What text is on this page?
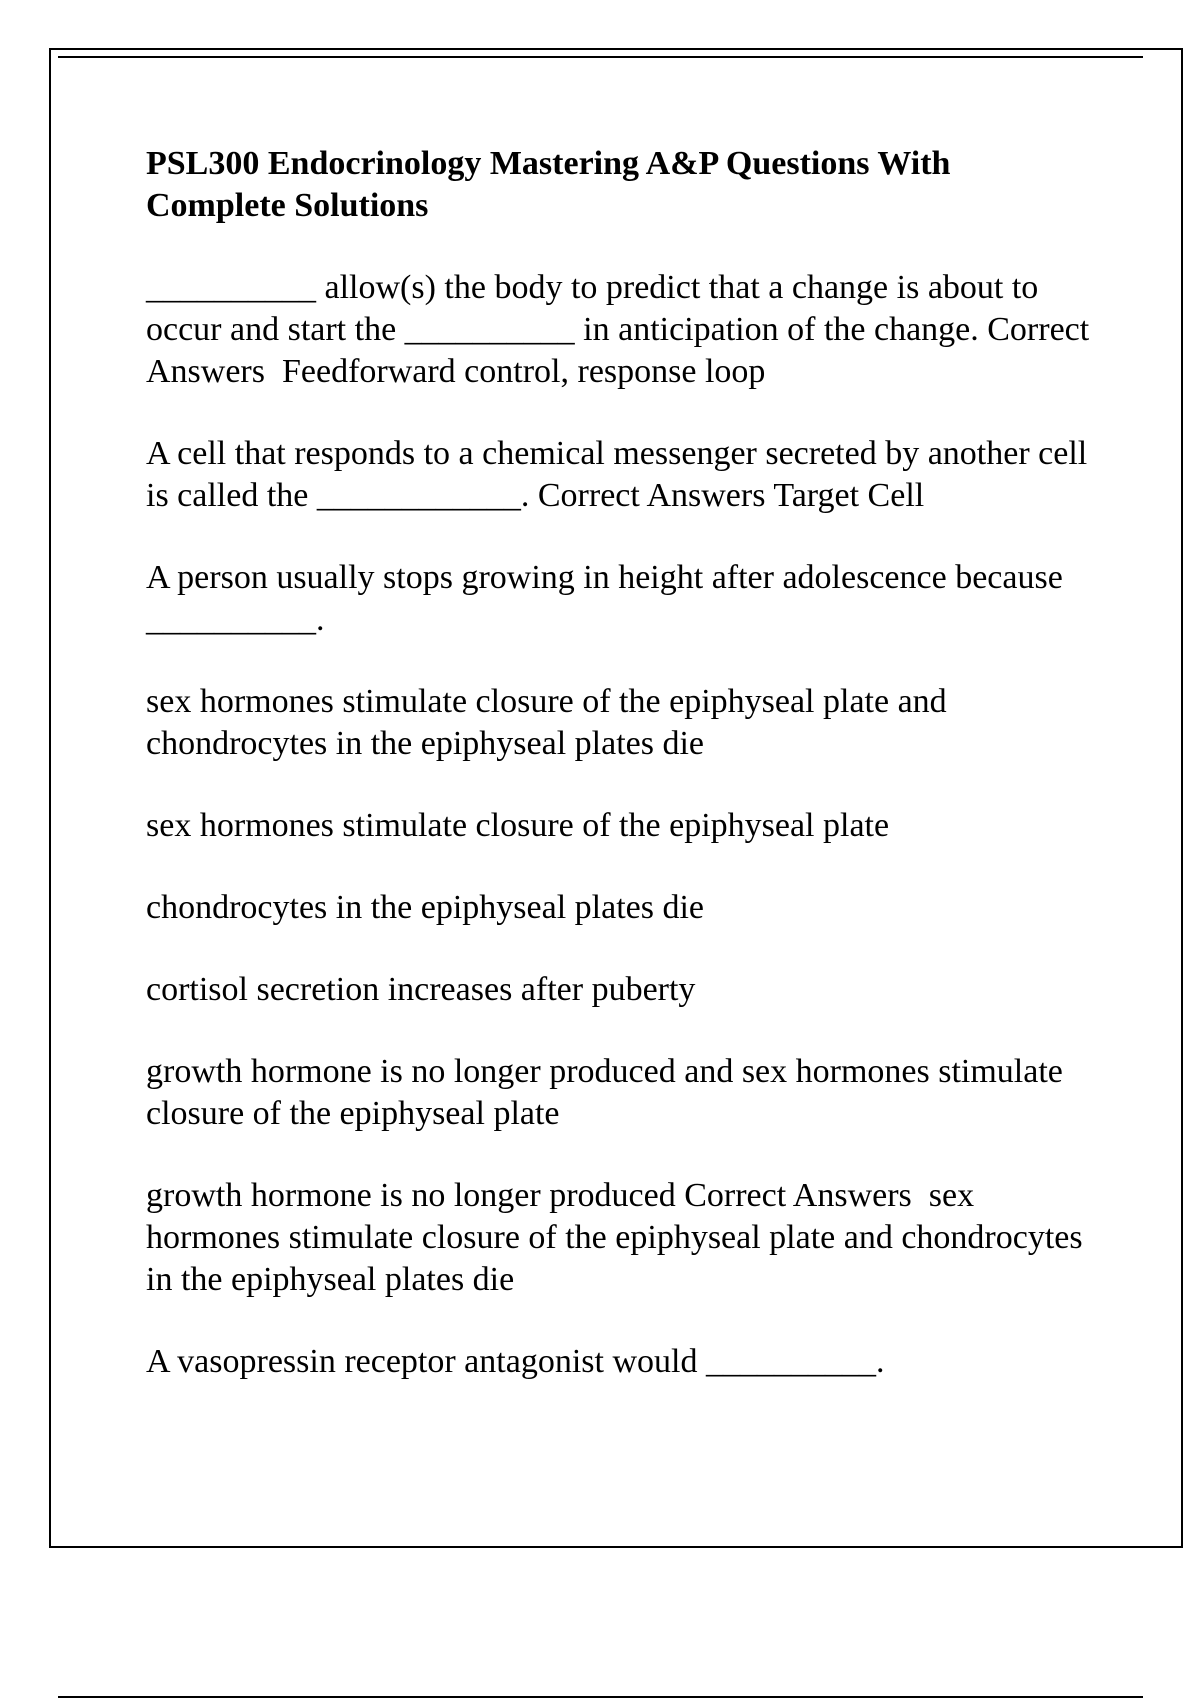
PSL300 Endocrinology Mastering A&P Questions With Complete Solutions

__________ allow(s) the body to predict that a change is about to occur and start the __________ in anticipation of the change. Correct Answers  Feedforward control, response loop

A cell that responds to a chemical messenger secreted by another cell is called the ____________. Correct Answers Target Cell

A person usually stops growing in height after adolescence because __________.

sex hormones stimulate closure of the epiphyseal plate and chondrocytes in the epiphyseal plates die

sex hormones stimulate closure of the epiphyseal plate

chondrocytes in the epiphyseal plates die

cortisol secretion increases after puberty

growth hormone is no longer produced and sex hormones stimulate closure of the epiphyseal plate

growth hormone is no longer produced Correct Answers  sex hormones stimulate closure of the epiphyseal plate and chondrocytes in the epiphyseal plates die

A vasopressin receptor antagonist would __________.
